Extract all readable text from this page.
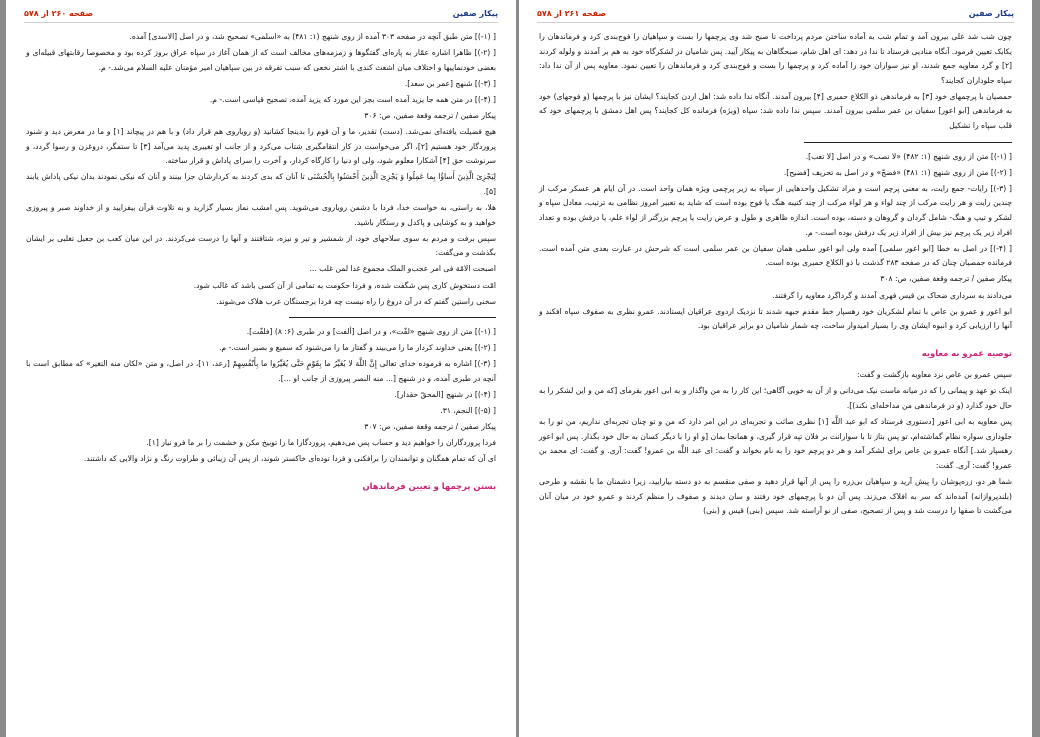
پیکار صفین
صفحه ۲۶۱ از ۵۷۸

چون شب شد علی بیرون آمد و تمام شب به آماده ساختن مردم پرداخت تا صبح شد وی پرچمها را بست و سپاهیان را فوج‌بندی کرد و فرماندهان را یکایک تعیین فرمود. آنگاه منادیی فرستاد تا ندا در دهد: ای اهل شام، صبحگاهان به پیکار آیید. پس شامیان در لشکرگاه خود به هم بر آمدند و ولوله کردند [۲] و گرد معاویه جمع شدند، او نیز سواران خود را آماده کرد و پرچمها را بست و فوج‌بندی کرد و فرماندهان را تعیین نمود. معاویه پس از آن ندا داد: سپاه جلوداران کجایند؟

حمصیان با پرچمهای خود [۳] به فرماندهی ذو الکلاع حمیری [۴] بیرون آمدند. آنگاه ندا داده شد: اهل اردن کجایند؟ ایشان نیز با پرچمها (و فوجهای) خود به فرماندهی [ابو اعور] سفیان بن عمر سلمی بیرون آمدند. سپس ندا داده شد: سپاه (ویژه) فرمانده کل کجایند؟ پس اهل دمشق با پرچمهای خود که قلب سپاه را تشکیل

[ (۱-)] متن از روی شنهج (۱: ۴۸۲) «لا تصب» و در اصل [لا تعب].

[ (۲-)] متن از روی شنهج (۱: ۴۸۱) «فضجّ» و در اصل به تحریف [فضیح].

[ (۳-)] رایات- جمع رایت، به معنی پرچم است و مراد تشکیل واحدهایی از سپاه به زیر پرچمی ویژه همان واحد است. در آن ایام هر عسکر مرکب از چندین رایت و هر رایت مرکب از چند لواء و هر لواء مرکب از چند کتیبه هنگ یا فوج بوده است که شاید به تعبیر امروز نظامی به ترتیب، معادل سپاه و لشکر و تیپ و هنگ- شامل گردان و گروهان و دسته، بوده است. اندازه ظاهری و طول و عرض رایت یا پرچم بزرگتر از لواء علم، یا درفش بوده و تعداد افراد زیر یک پرچم نیز بیش از افراد زیر یک درفش بوده است.- م.

[ (۴-)] در اصل به خطا [ابو اعور سلمی] آمده ولی ابو اعور سلمی همان سفیان بن عمر سلمی است که شرحش در عبارت بعدی متن آمده است. فرمانده حمصیان چنان که در صفحه ۲۸۳ گذشت با ذو الکلاع حمیری بوده است.

پیکار صفین / ترجمه وقعة صفین، ص: ۳۰۸

می‌دادند به سرداری ضحاک بن قیس فهری آمدند و گرداگرد معاویه را گرفتند.

ابو اعور و عمرو بن عاص با تمام لشکریان خود رهسپار خط مقدم جبهه شدند تا نزدیک اردوی عراقیان ایستادند. عمرو نظری به صفوف سپاه افکند و آنها را ارزیابی کرد و انبوه ایشان وی را بسیار امیدوار ساخت، چه شمار شامیان دو برابر عراقیان بود.

توصیه عمرو به معاویه

سپس عمرو بن عاص نزد معاویه بازگشت و گفت:

اینک تو عهد و پیمانی را که در میانه ماست نیک می‌دانی و از آن به خوبی آگاهی؛ این کار را به من واگذار و به ابی اعور بفرمای [که من و این لشکر را به حال خود گذارد (و در فرماندهی من مداخله‌ای نکند)].

پس معاویه به ابی اعور [دستوری فرستاد که ابو عبد اللَّه [۱] نظری صائب و تجربه‌ای در این امر دارد که من و تو چنان تجربه‌ای نداریم، من تو را به جلوداری سواره نظام گماشته‌ام، تو پس بتاز تا با سوارانت بر فلان تپه قرار گیری، و همانجا بمان [و او را با دیگر کسان به حال خود بگذار. پس ابو اعور رهسپار شد.] آنگاه عمرو بن عاص برای لشکر آمد و هر دو پرچم خود را به نام بخواند و گفت: ای عبد اللَّه بن عمرو! گفت: آری. و گفت: ای محمد بن عمرو! گفت: آری. گفت:

شما هر دو، زره‌پوشان را پیش آرید و سپاهیان بی‌زره را پس از آنها قرار دهید و صفی منقسم به دو دسته بیارایید، زیرا دشمنان ما با نقشه و طرحی (بلندپروازانه) آمده‌اند که سر به افلاک می‌زند. پس آن دو با پرچمهای خود رفتند و سان دیدند و صفوف را منظم کردند و عمرو خود در میان آنان می‌گشت تا صفها را درست شد و پس از تصحیح، صفی از نو آراسته شد. سپس (بنی) قیس و (بنی)

پیکار صفین
صفحه ۲۶۰ از ۵۷۸

[ (۱-)] متن طبق آنچه در صفحه ۳۰۳ آمده از روی شنهج (۱: ۴۸۱) به «اسلمی» تصحیح شد، و در اصل [الاسدی] آمده.

[ (۲-)] ظاهرا اشاره عمّار به پاره‌ای گفتگوها و زمزمه‌های مخالف است که از همان آغاز در سپاه عراق بروز کرده بود و مخصوصا رقابتهای قبیله‌ای و بعضی خودنماییها و اختلاف میان اشعث کندی با اشتر نخعی که سبب تفرقه در بین سپاهیان امیر مؤمنان علیه السلام می‌شد.- م.

[ (۳-)] شنهج [عمر بن سعد].

[ (۴-)] در متن همه جا یزید آمده است بجز این مورد که یزید آمده، تصحیح قیاسی است.- م.

پیکار صفین / ترجمه وقعة صفین، ص: ۳۰۶

هیچ فضیلت یافته‌ای نمی‌شد. (دست) تقدیر، ما و آن قوم را بدینجا کشانید (و رویاروی هم قرار داد) و با هم در پیچاند [۱] و ما در معرض دید و شنود پروردگار خود هستیم [۲]، اگر می‌خواست در کار انتقامگیری شتاب می‌کرد و از جانب او تغییری پدید می‌آمد [۳] تا ستمگر، دروغزن و رسوا گردد، و سرنوشت حق [۴] آشکارا معلوم شود، ولی او دنیا را کارگاه کردار، و آخرت را سرای پاداش و قرار ساخته.

لِیَجْزِیَ الَّذِینَ أَساؤُا بِما عَمِلُوا وَ یَجْزِیَ الَّذِینَ أَحْسَنُوا بِالْحُسْنَی تا آنان که بدی کردند به کردارشان جزا بینند و آنان که نیکی نمودند بدان نیکی پاداش یابند [۵].

هلا، به راستی، به خواست خدا، فردا با دشمن رویاروی می‌شوید. پس امشب نماز بسیار گزارید و به تلاوت قرآن بیفزایید و از خداوند صبر و پیروزی خواهید و به کوشایی و پاکدل و رستگار باشید.

سپس برفت و مردم به سوی سلاحهای خود، از شمشیر و تیر و نیزه، شتافتند و آنها را درست می‌کردند. در این میان کعب بن جعیل تغلبی بر ایشان بگذشت و می‌گفت:

اصبحت الامّة فی امر عجب‌و الملک مجموع غدا لمن غلب ...

امّت دستخوش کاری پس شگفت شده، و فردا حکومت به تمامی از آن کسی باشد که غالب شود.

سخنی راستین گفتم که در آن دروغ را راه نیست چه فردا برجستگان عرب هلاک می‌شوند.

[ (۱-)] متن از روی شنهج «لفّت»، و در اصل [ألفت] و در طبری (۶: ۸) [فلفّت].

[ (۲-)] یعنی خداوند کردار ما را می‌بیند و گفتار ما را می‌شنود که سمیع و بصیر است.- م.

[ (۳-)] اشاره به فرموده خدای تعالی إِنَّ اللَّهَ لا یُغَیِّرُ ما بِقَوْمٍ حَتَّی یُغَیِّرُوا ما بِأَنْفُسِهِمْ [رعد، ۱۱]، در اصل، و متن «لکان منه التغیر» که مطابق است با آنچه در طبری آمده، و در شنهج [... منه النصر پیروزی از جانب او ...].

[ (۴-)] در شنهج [المحقّ حقدار].

[ (۵-)] النجم، ۳۱.

پیکار صفین / ترجمه وقعة صفین، ص: ۳۰۷

فردا پروردگاران را خواهیم دید و حساب پس می‌دهیم، پروردگارا ما را توبیخ مکن و خشمت را بر ما فرو نیار [۱].

ای آن که تمام همگنان و توانمندان را برافکنی و فردا توده‌ای خاکستر شوند، از پس آن زیبائی و طراوت رنگ و نژاد والایی که داشتند.

بستن پرچمها و تعیین فرماندهان
